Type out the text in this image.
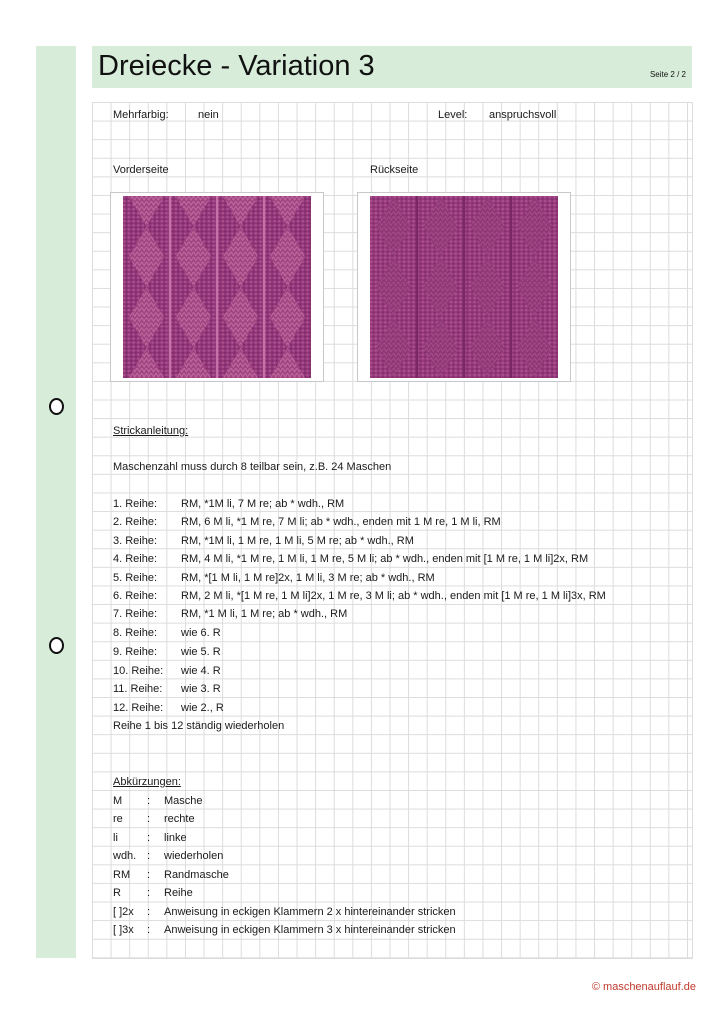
Dreiecke - Variation 3	Seite 2 / 2
Mehrfarbig:	nein	Level: anspruchsvoll
Vorderseite	Rückseite
Strickanleitung:
Maschenzahl muss durch 8 teilbar sein, z.B. 24 Maschen
1. Reihe: RM, *1M li, 7 M re; ab * wdh., RM
2. Reihe: RM, 6 M li, *1 M re, 7 M li; ab * wdh., enden mit 1 M re, 1 M li, RM
3. Reihe: RM, *1M li, 1 M re, 1 M li, 5 M re; ab * wdh., RM
4. Reihe: RM, 4 M li, *1 M re, 1 M li, 1 M re, 5 M li; ab * wdh., enden mit [1 M re, 1 M li]2x, RM
5. Reihe: RM, *[1 M li, 1 M re]2x, 1 M li, 3 M re; ab * wdh., RM
6. Reihe: RM, 2 M li, *[1 M re, 1 M li]2x, 1 M re, 3 M li; ab * wdh., enden mit [1 M re, 1 M li]3x, RM
7. Reihe: RM, *1 M li, 1 M re; ab * wdh., RM
8. Reihe: wie 6. R
9. Reihe: wie 5. R
10. Reihe: wie 4. R
11. Reihe: wie 3. R
12. Reihe: wie 2., R
Reihe 1 bis 12 ständig wiederholen
Abkürzungen:
M : Masche
re : rechte
li	: linke
wdh. : wiederholen
RM : Randmasche
R : Reihe
[ ]2x : Anweisung in eckigen Klammern 2 x hintereinander stricken
[ ]3x : Anweisung in eckigen Klammern 3 x hintereinander stricken
© maschenauflauf.de
